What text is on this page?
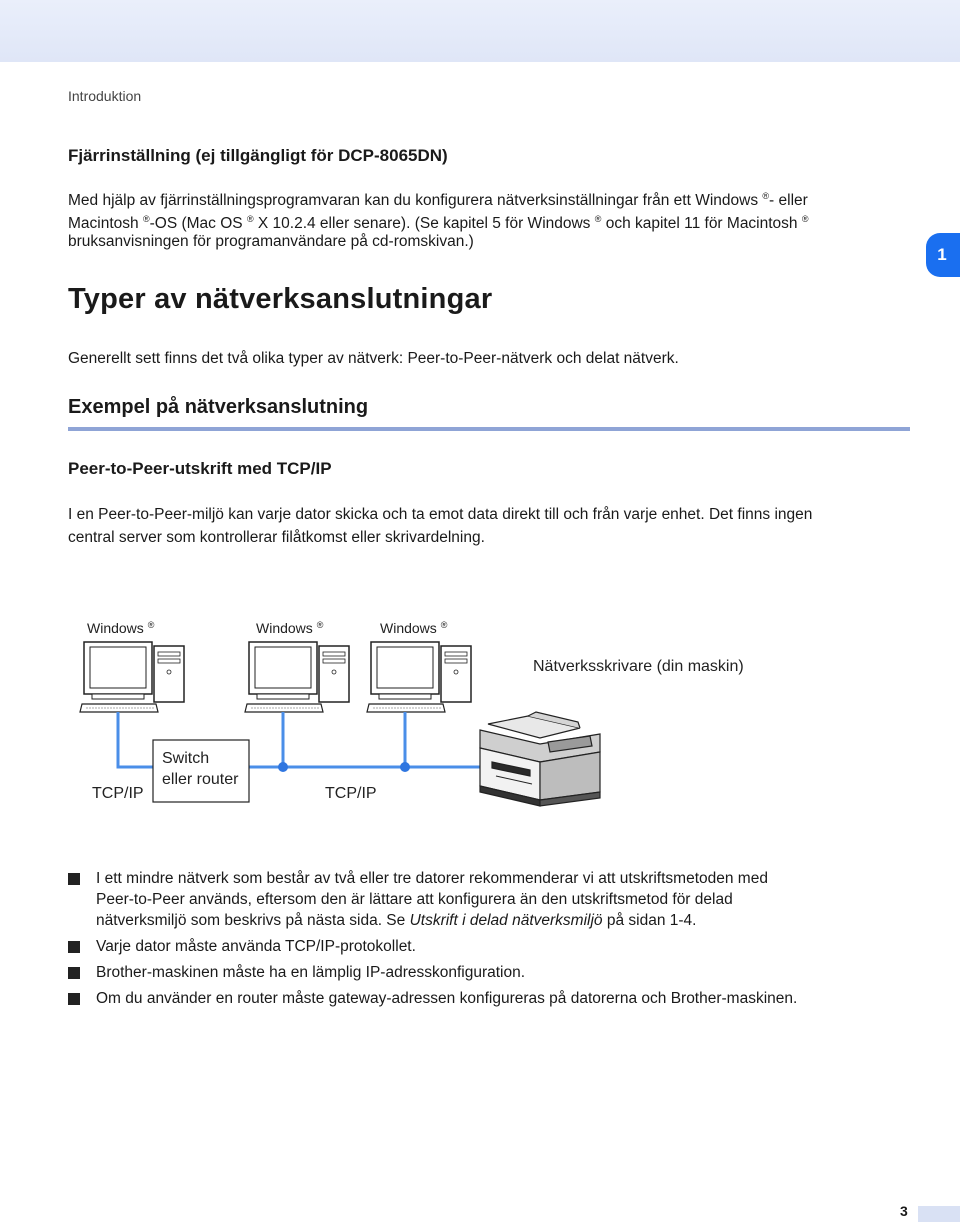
Introduktion
1
Fjärrinställning (ej tillgängligt för DCP-8065DN)

Med hjälp av fjärrinställningsprogramvaran kan du konfigurera nätverksinställningar från ett Windows ®- eller

Macintosh ®-OS (Mac OS ® X 10.2.4 eller senare). (Se kapitel 5 för Windows ® och kapitel 11 för Macintosh ®

bruksanvisningen för programanvändare på cd-romskivan.)

Typer av nätverksanslutningar

Generellt sett finns det två olika typer av nätverk: Peer-to-Peer-nätverk och delat nätverk.

Exempel på nätverksanslutning
Peer-to-Peer-utskrift med TCP/IP

I en Peer-to-Peer-miljö kan varje dator skicka och ta emot data direkt till och från varje enhet. Det finns ingen

central server som kontrollerar filåtkomst eller skrivardelning.

Windows ®	Windows ®	Windows ®
Nätverksskrivare (din maskin)
Switch
eller router
TCP/IP	TCP/IP
I ett mindre nätverk som består av två eller tre datorer rekommenderar vi att utskriftsmetoden med
Peer-to-Peer används, eftersom den är lättare att konfigurera än den utskriftsmetod för delad
nätverksmiljö som beskrivs på nästa sida. Se Utskrift i delad nätverksmiljö på sidan 1-4.
Varje dator måste använda TCP/IP-protokollet.
Brother-maskinen måste ha en lämplig IP-adresskonfiguration.
Om du använder en router måste gateway-adressen konfigureras på datorerna och Brother-maskinen.
3
